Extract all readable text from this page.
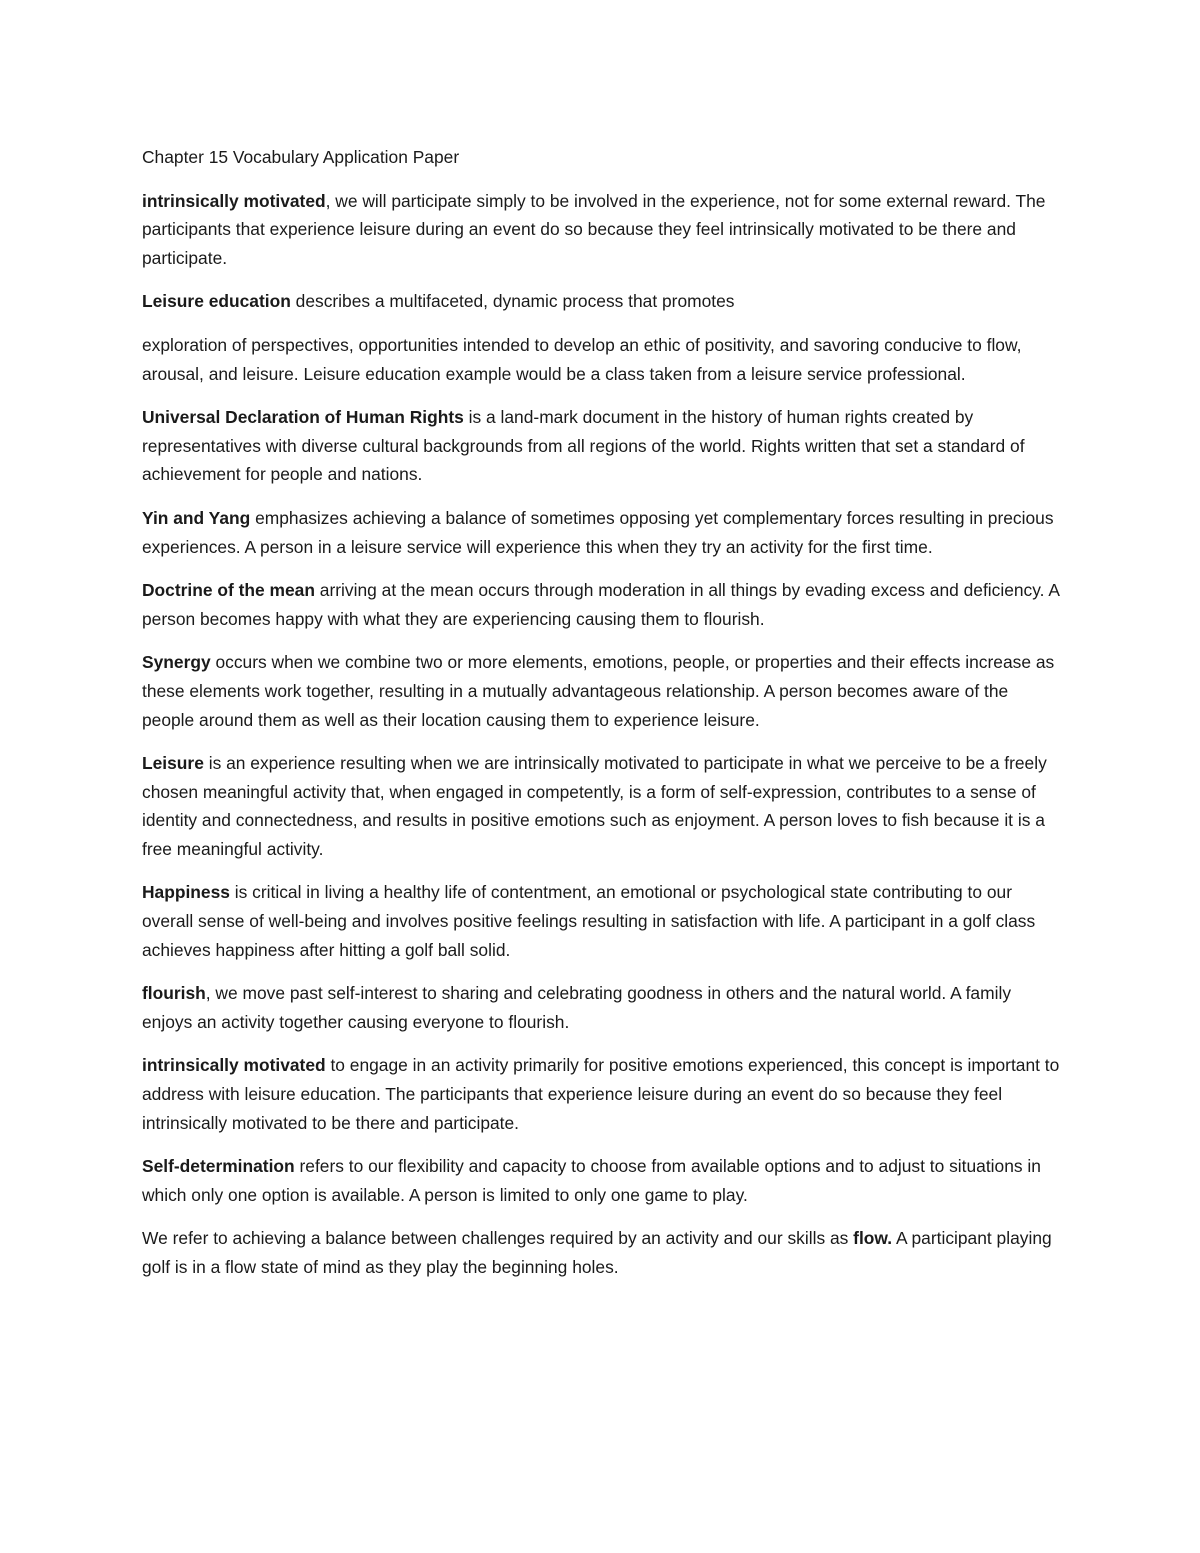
Chapter 15 Vocabulary Application Paper

intrinsically motivated, we will participate simply to be involved in the experience, not for some external reward. The participants that experience leisure during an event do so because they feel intrinsically motivated to be there and participate.

Leisure education describes a multifaceted, dynamic process that promotes

exploration of perspectives, opportunities intended to develop an ethic of positivity, and savoring conducive to flow, arousal, and leisure. Leisure education example would be a class taken from a leisure service professional.

Universal Declaration of Human Rights is a land-mark document in the history of human rights created by representatives with diverse cultural backgrounds from all regions of the world. Rights written that set a standard of achievement for people and nations.

Yin and Yang emphasizes achieving a balance of sometimes opposing yet complementary forces resulting in precious experiences. A person in a leisure service will experience this when they try an activity for the first time.

Doctrine of the mean arriving at the mean occurs through moderation in all things by evading excess and deficiency. A person becomes happy with what they are experiencing causing them to flourish.

Synergy occurs when we combine two or more elements, emotions, people, or properties and their effects increase as these elements work together, resulting in a mutually advantageous relationship. A person becomes aware of the people around them as well as their location causing them to experience leisure.

Leisure is an experience resulting when we are intrinsically motivated to participate in what we perceive to be a freely chosen meaningful activity that, when engaged in competently, is a form of self-expression, contributes to a sense of identity and connectedness, and results in positive emotions such as enjoyment. A person loves to fish because it is a free meaningful activity.

Happiness is critical in living a healthy life of contentment, an emotional or psychological state contributing to our overall sense of well-being and involves positive feelings resulting in satisfaction with life. A participant in a golf class achieves happiness after hitting a golf ball solid.

flourish, we move past self-interest to sharing and celebrating goodness in others and the natural world. A family enjoys an activity together causing everyone to flourish.

intrinsically motivated to engage in an activity primarily for positive emotions experienced, this concept is important to address with leisure education. The participants that experience leisure during an event do so because they feel intrinsically motivated to be there and participate.

Self-determination refers to our flexibility and capacity to choose from available options and to adjust to situations in which only one option is available. A person is limited to only one game to play.

We refer to achieving a balance between challenges required by an activity and our skills as flow. A participant playing golf is in a flow state of mind as they play the beginning holes.
